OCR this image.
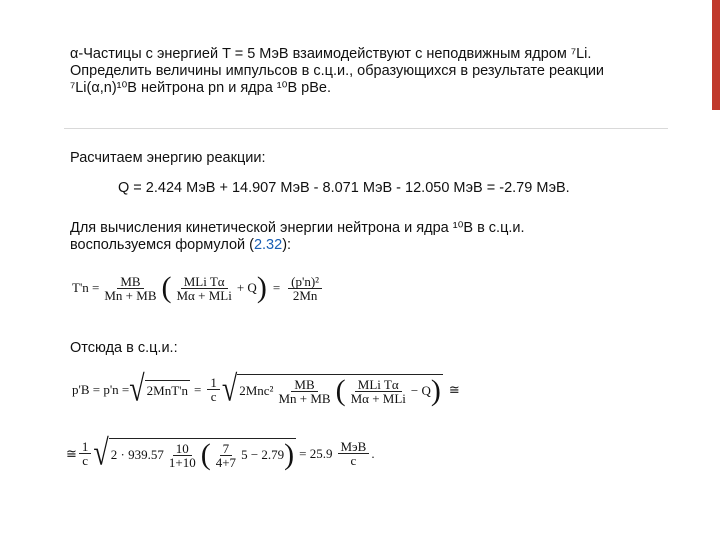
α-Частицы с энергией T = 5 МэВ взаимодействуют с неподвижным ядром ⁷Li.
Определить величины импульсов в с.ц.и., образующихся в результате реакции
⁷Li(α,n)¹⁰B нейтрона pn и ядра ¹⁰B pBe.
Расчитаем энергию реакции:
Q = 2.424 МэВ + 14.907 МэВ - 8.071 МэВ - 12.050 МэВ = -2.79 МэВ.
Для вычисления кинетической энергии нейтрона и ядра ¹⁰B в с.ц.и.
воспользуемся формулой (2.32):
$T'n = \frac{MB}{Mn + MB}$ ( $\frac{\text{MLi Tα}}{\text{Mα + MLi}} + Q$ ) = $\frac{\text{(p'n)²}}{2Mn}$
Отсюда в с.ц.и.:
p'B = p'n = √ $2MnT'n = \frac{1}{c}$ √ $2Mnc^2 \frac{MB}{Mn + MB}$ ( $\frac{\text{MLi Tα}}{\text{Mα + MLi}} - Q$ ) ≅
≅ $\frac{1}{c}$ √ $2 \cdot 939.57 \frac{10}{1+10}$ ( $\frac{7}{4+7} 5 - 2.79$ ) = $25.9 \frac{\text{МэВ}}{c}$ .
